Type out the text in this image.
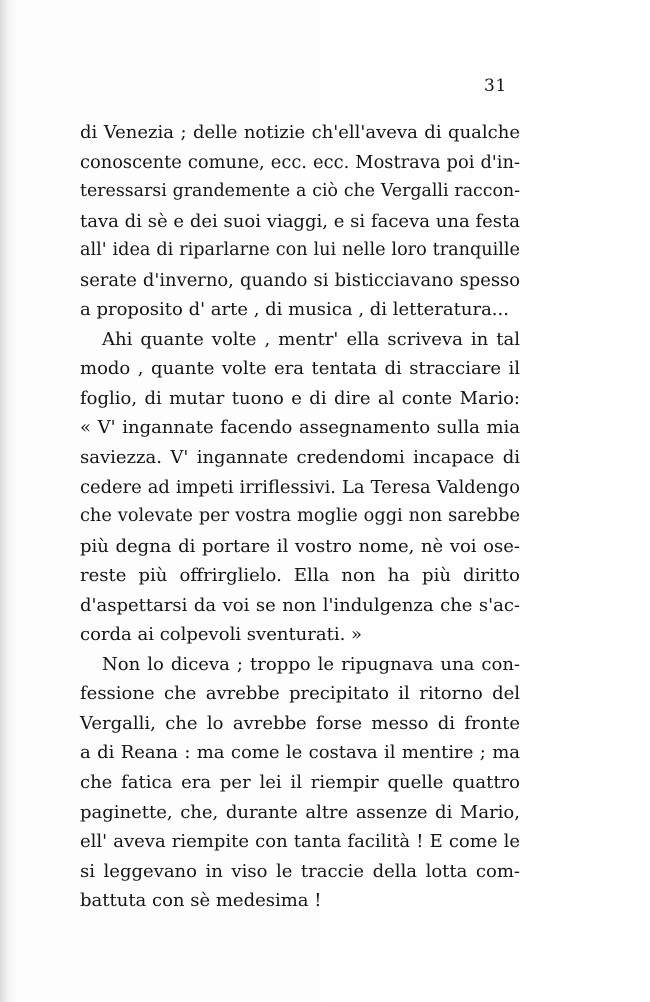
31
di Venezia ; delle notizie ch'ell'aveva di qualche
conoscente comune, ecc. ecc. Mostrava poi d'in-
teressarsi grandemente a ciò che Vergalli raccon-
tava di sè e dei suoi viaggi, e si faceva una festa
all' idea di riparlarne con lui nelle loro tranquille
serate d'inverno, quando si bisticciavano spesso
a proposito d' arte , di musica , di letteratura...
Ahi quante volte , mentr' ella scriveva in tal
modo , quante volte era tentata di stracciare il
foglio, di mutar tuono e di dire al conte Mario:
« V' ingannate facendo assegnamento sulla mia
saviezza. V' ingannate credendomi incapace di
cedere ad impeti irriflessivi. La Teresa Valdengo
che volevate per vostra moglie oggi non sarebbe
più degna di portare il vostro nome, nè voi ose-
reste più offrirglielo. Ella non ha più diritto
d'aspettarsi da voi se non l'indulgenza che s'ac-
corda ai colpevoli sventurati. »
Non lo diceva ; troppo le ripugnava una con-
fessione che avrebbe precipitato il ritorno del
Vergalli, che lo avrebbe forse messo di fronte
a di Reana : ma come le costava il mentire ; ma
che fatica era per lei il riempir quelle quattro
paginette, che, durante altre assenze di Mario,
ell' aveva riempite con tanta facilità ! E come le
si leggevano in viso le traccie della lotta com-
battuta con sè medesima !
